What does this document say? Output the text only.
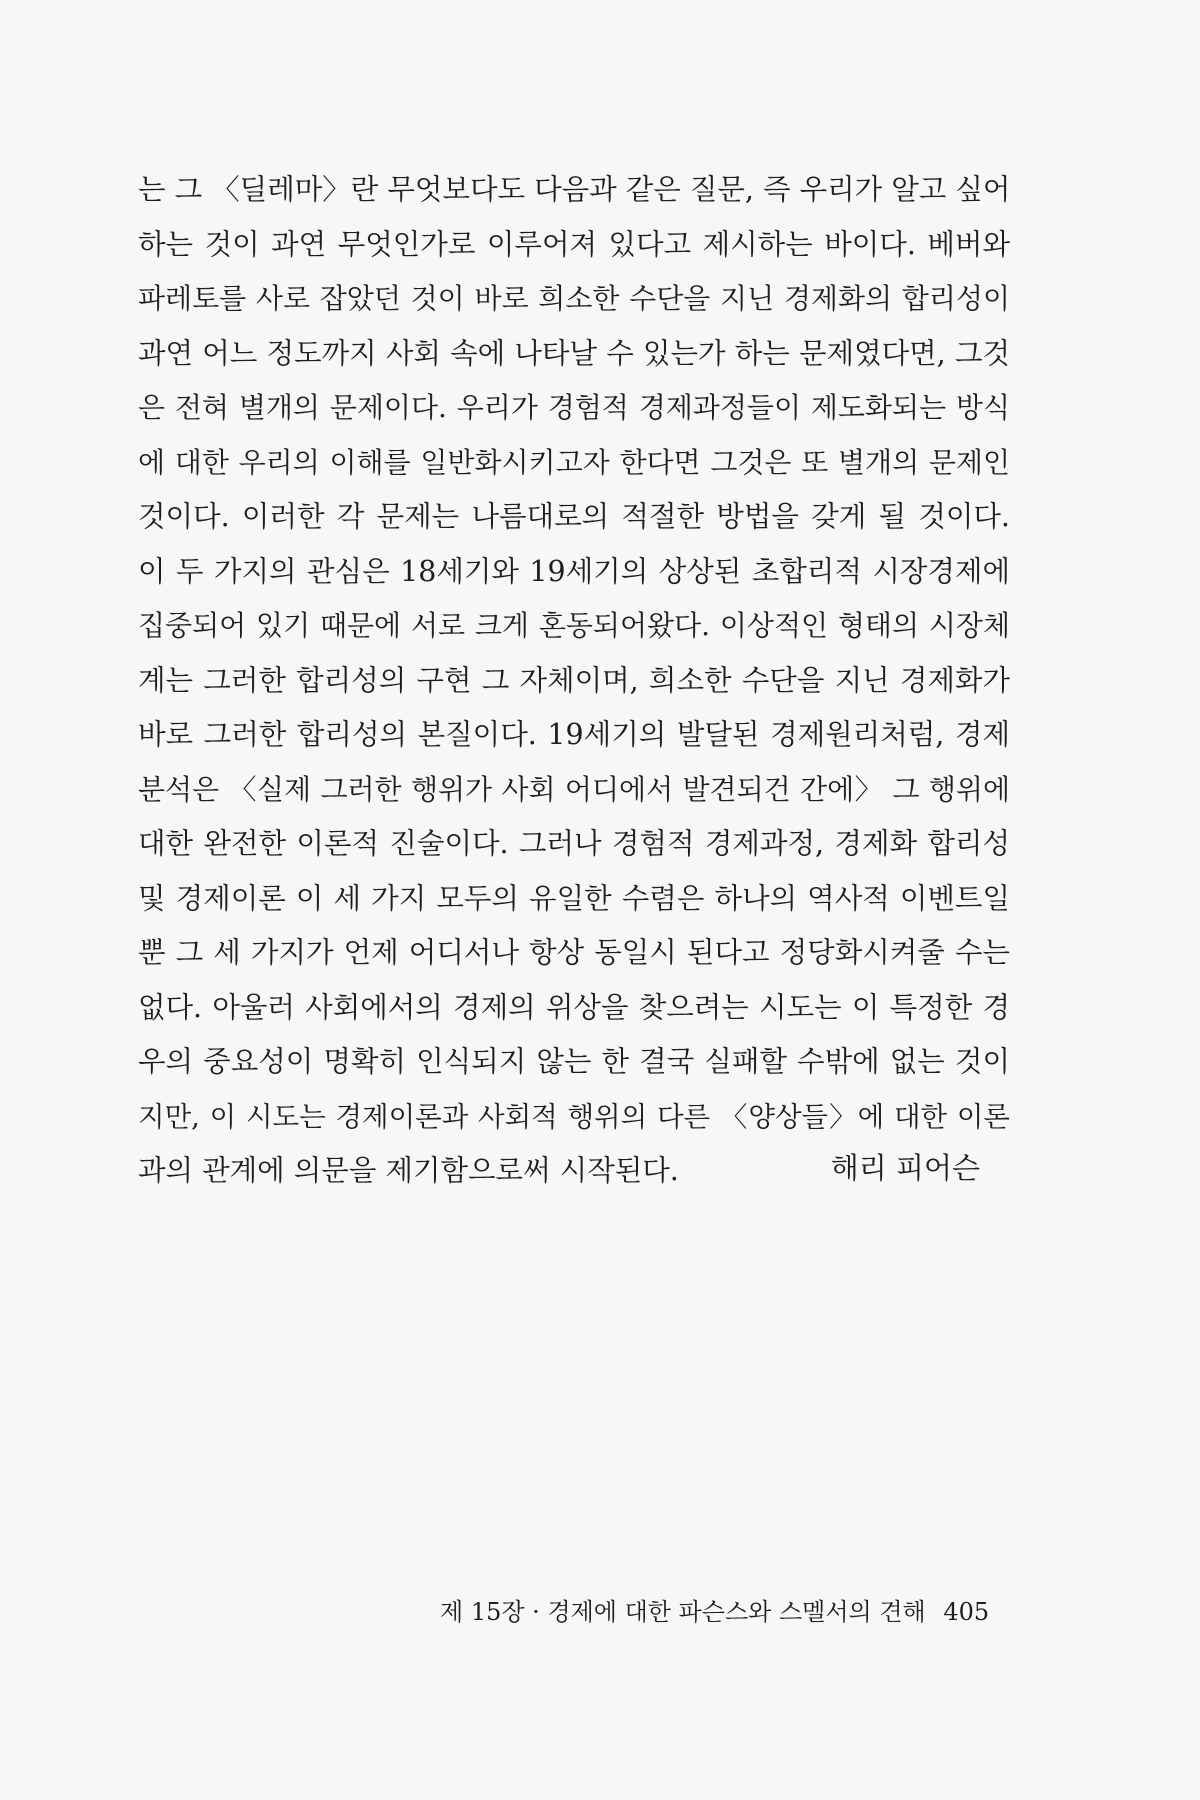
는 그 〈딜레마〉란 무엇보다도 다음과 같은 질문, 즉 우리가 알고 싶어
하는 것이 과연 무엇인가로 이루어져 있다고 제시하는 바이다. 베버와
파레토를 사로 잡았던 것이 바로 희소한 수단을 지닌 경제화의 합리성이
과연 어느 정도까지 사회 속에 나타날 수 있는가 하는 문제였다면, 그것
은 전혀 별개의 문제이다. 우리가 경험적 경제과정들이 제도화되는 방식
에 대한 우리의 이해를 일반화시키고자 한다면 그것은 또 별개의 문제인
것이다. 이러한 각 문제는 나름대로의 적절한 방법을 갖게 될 것이다.
이 두 가지의 관심은 18세기와 19세기의 상상된 초합리적 시장경제에
집중되어 있기 때문에 서로 크게 혼동되어왔다. 이상적인 형태의 시장체
계는 그러한 합리성의 구현 그 자체이며, 희소한 수단을 지닌 경제화가
바로 그러한 합리성의 본질이다. 19세기의 발달된 경제원리처럼, 경제
분석은 〈실제 그러한 행위가 사회 어디에서 발견되건 간에〉 그 행위에
대한 완전한 이론적 진술이다. 그러나 경험적 경제과정, 경제화 합리성
및 경제이론 이 세 가지 모두의 유일한 수렴은 하나의 역사적 이벤트일
뿐 그 세 가지가 언제 어디서나 항상 동일시 된다고 정당화시켜줄 수는
없다. 아울러 사회에서의 경제의 위상을 찾으려는 시도는 이 특정한 경
우의 중요성이 명확히 인식되지 않는 한 결국 실패할 수밖에 없는 것이
지만, 이 시도는 경제이론과 사회적 행위의 다른 〈양상들〉에 대한 이론
과의 관계에 의문을 제기함으로써 시작된다.	해리 피어슨
제 15장 · 경제에 대한 파슨스와 스멜서의 견해 405
